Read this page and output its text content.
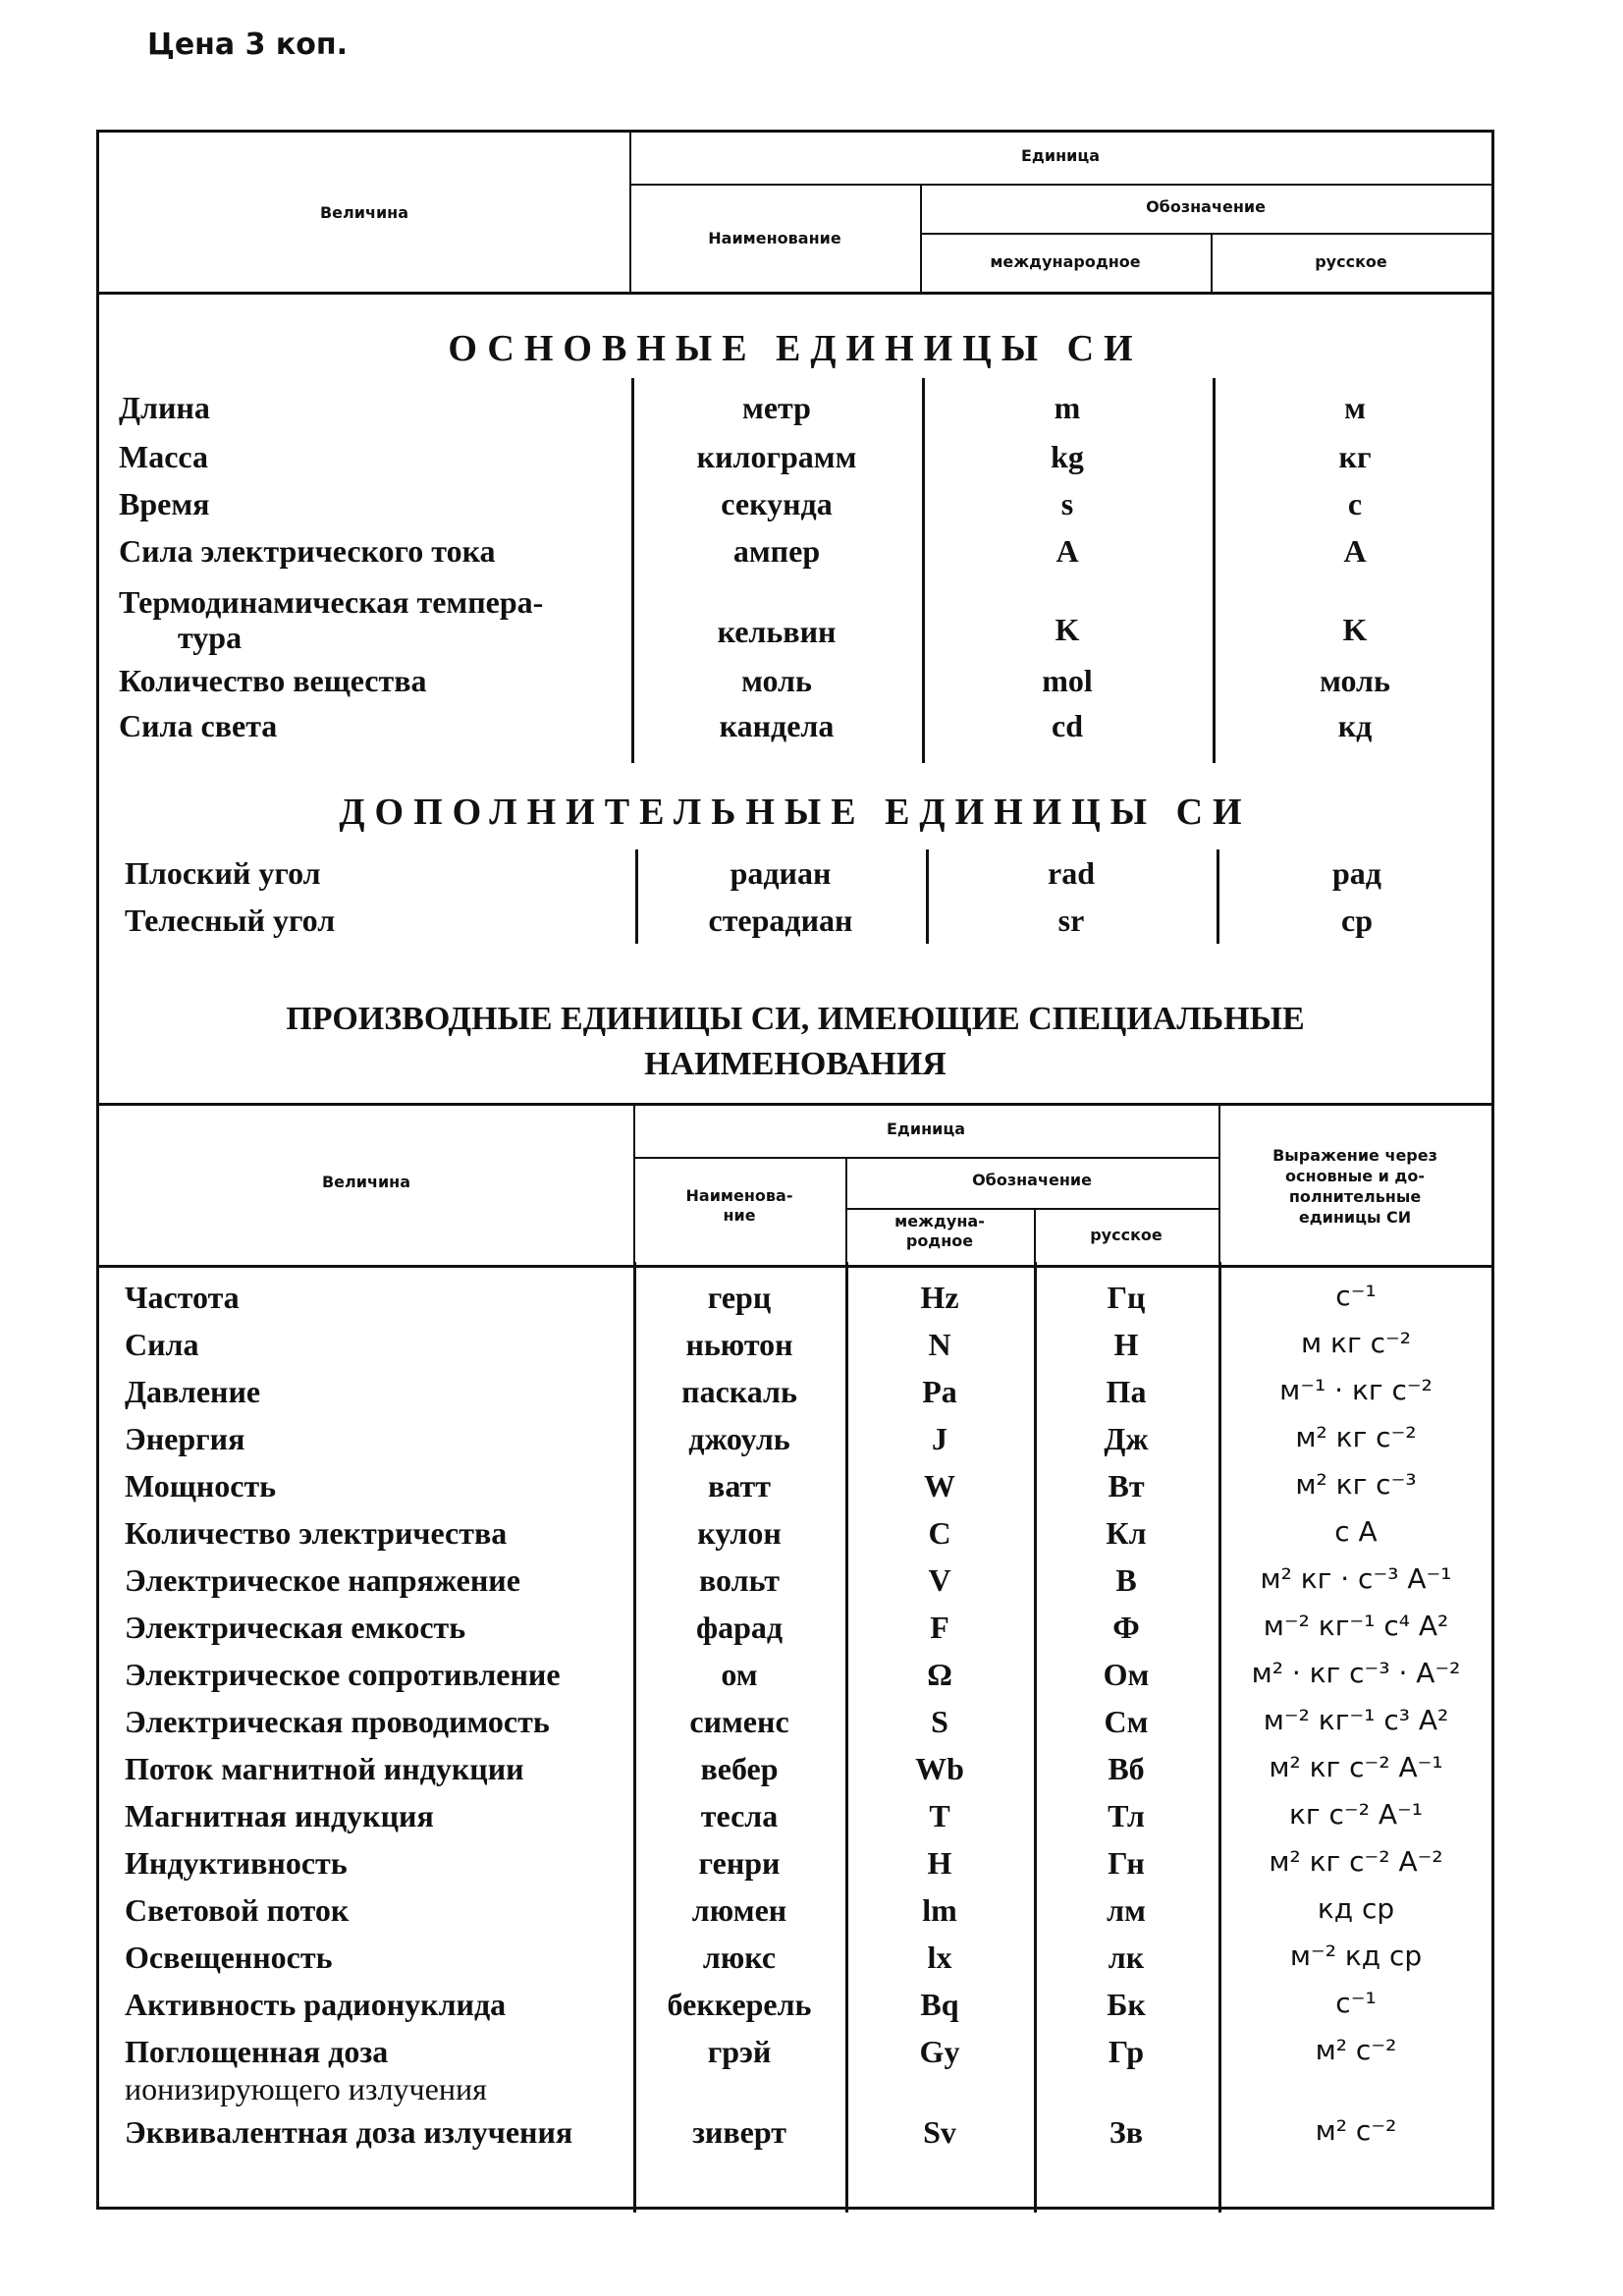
Цена 3 коп.
Величина
Единица
Наименование
Обозначение
международное	русское
ОСНОВНЫЕ ЕДИНИЦЫ СИ
Длина	метр	m	м
Масса	килограмм	kg	кг
Время	секунда	s	с
Сила электрического тока	ампер	A	A
Термодинамическая темпера-
тура	кельвин	K	K
Количество вещества	моль	mol	моль
Сила света	кандела	cd	кд
ДОПОЛНИТЕЛЬНЫЕ ЕДИНИЦЫ СИ
Плоский угол	радиан	rad	рад
Телесный угол	стерадиан	sr	ср
ПРОИЗВОДНЫЕ ЕДИНИЦЫ СИ, ИМЕЮЩИЕ СПЕЦИАЛЬНЫЕ
НАИМЕНОВАНИЯ
Величина
Единица
Наименова-
ние
Обозначение
междуна-
родное	русское
Выражение через
основные и до-
полнительные
единицы СИ
Частота	герц	Hz	Гц	с⁻¹
Сила	ньютон	N	Н	м кг с⁻²
Давление	паскаль	Pa	Па	м⁻¹ · кг с⁻²
Энергия	джоуль	J	Дж	м² кг с⁻²
Мощность	ватт	W	Вт	м² кг с⁻³
Количество электричества	кулон	C	Кл	с А
Электрическое напряжение	вольт	V	В	м² кг · с⁻³ А⁻¹
Электрическая емкость	фарад	F	Ф	м⁻² кг⁻¹ с⁴ А²
Электрическое сопротивление	ом	Ω	Ом	м² · кг с⁻³ · А⁻²
Электрическая проводимость	сименс	S	См	м⁻² кг⁻¹ с³ А²
Поток магнитной индукции	вебер	Wb	Вб	м² кг с⁻² А⁻¹
Магнитная индукция	тесла	T	Тл	кг с⁻² А⁻¹
Индуктивность	генри	H	Гн	м² кг с⁻² А⁻²
Световой поток	люмен	lm	лм	кд ср
Освещенность	люкс	lx	лк	м⁻² кд ср
Активность радионуклида	беккерель	Bq	Бк	с⁻¹
Поглощенная доза	грэй	Gy	Гр	м² с⁻²
ионизирующего излучения
Эквивалентная доза излучения	зиверт	Sv	Зв	м² с⁻²
